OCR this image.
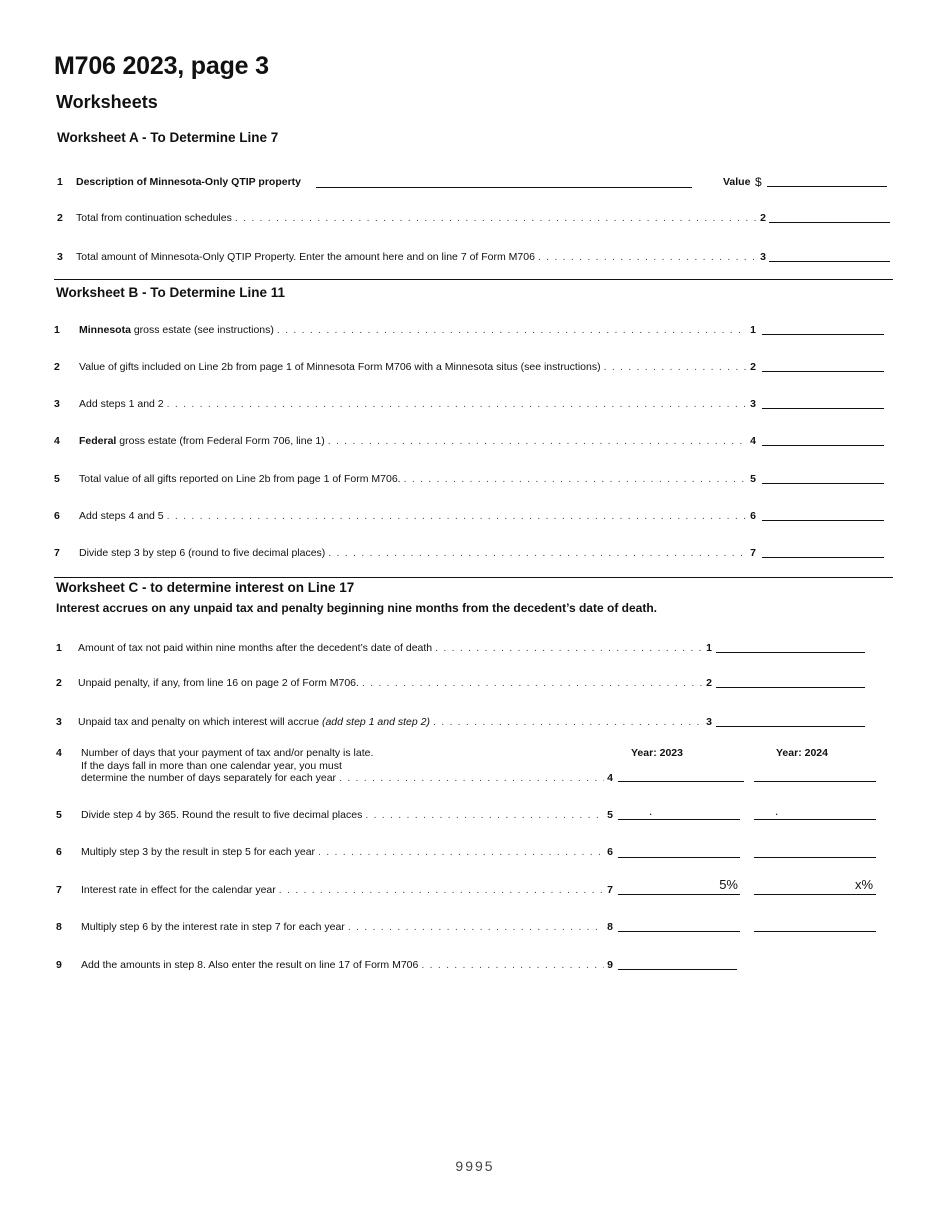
M706 2023, page 3
Worksheets
Worksheet A - To Determine Line 7
1 Description of Minnesota-Only QTIP property	Value $
2 Total from continuation schedules . . .	2
3 Total amount of Minnesota-Only QTIP Property. Enter the amount here and on line 7 of Form M706 . . .	3
Worksheet B - To Determine Line 11
1 Minnesota gross estate (see instructions) . . .	1
2 Value of gifts included on Line 2b from page 1 of Minnesota Form M706 with a Minnesota situs (see instructions) . . .	2
3 Add steps 1 and 2 . . .	3
4 Federal gross estate (from Federal Form 706, line 1) . . .	4
5 Total value of all gifts reported on Line 2b from page 1 of Form M706. . . .	5
6 Add steps 4 and 5 . . .	6
7 Divide step 3 by step 6 (round to five decimal places) . . .	7
Worksheet C - to determine interest on Line 17
Interest accrues on any unpaid tax and penalty beginning nine months from the decedent’s date of death.
1 Amount of tax not paid within nine months after the decedent’s date of death . . .	1
2 Unpaid penalty, if any, from line 16 on page 2 of Form M706. . . .	2
3 Unpaid tax and penalty on which interest will accrue (add step 1 and step 2) . . .	3
Year: 2023	Year: 2024
4 Number of days that your payment of tax and/or penalty is late.
If the days fall in more than one calendar year, you must
determine the number of days separately for each year . . .	4
5 Divide step 4 by 365. Round the result to five decimal places . . .	5	.	.
6 Multiply step 3 by the result in step 5 for each year . . .	6
7 Interest rate in effect for the calendar year . . .	7	5%	x%
8 Multiply step 6 by the interest rate in step 7 for each year . . .	8
9 Add the amounts in step 8. Also enter the result on line 17 of Form M706 . . .	9
9995
